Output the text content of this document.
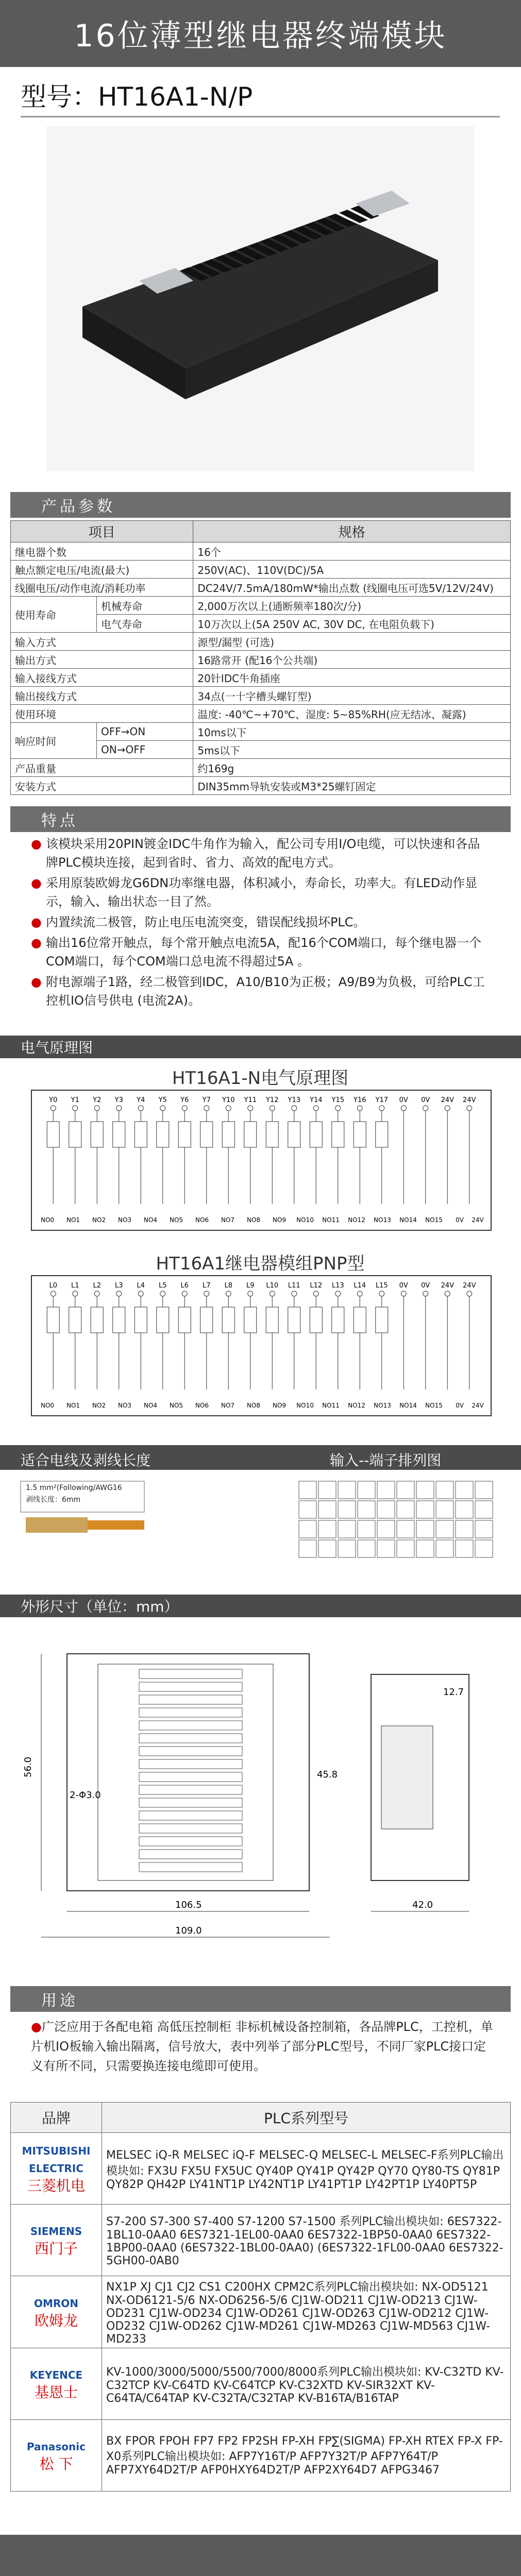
16位薄型继电器终端模块
型号：HT16A1-N/P
产品参数
项目		规格
继电器个数		16个
触点额定电压/电流(最大)		250V(AC)、110V(DC)/5A
线圈电压/动作电流/消耗功率		DC24V/7.5mA/180mW*输出点数 (线圈电压可选5V/12V/24V)
使用寿命	机械寿命	2,000万次以上(通断频率180次/分)
	电气寿命	10万次以上(5A 250V AC, 30V DC, 在电阻负载下)
输入方式		源型/漏型 (可选)
输出方式		16路常开 (配16个公共端)
输入接线方式		20针IDC牛角插座
输出接线方式		34点(一十字槽头螺钉型)
使用环境		温度: -40℃~+70℃、湿度: 5~85%RH(应无结冰、凝露)
响应时间	OFF→ON	10ms以下
	ON→OFF	5ms以下
产品重量		约169g
安装方式		DIN35mm导轨安装或M3*25螺钉固定
特点
● 该模块采用20PIN镀金IDC牛角作为输入，配公司专用I/O电缆，可以快速和各品牌PLC模块连接，起到省时、省力、高效的配电方式。
● 采用原装欧姆龙G6DN功率继电器，体积减小，寿命长，功率大。有LED动作显示，输入、输出状态一目了然。
● 内置续流二极管，防止电压电流突变，错误配线损坏PLC。
● 输出16位常开触点，每个常开触点电流5A，配16个COM端口，每个继电器一个COM端口，每个COM端口总电流不得超过5A 。
● 附电源端子1路，经二极管到IDC，A10/B10为正极；A9/B9为负极，可给PLC工控机IO信号供电 (电流2A)。
电气原理图
HT16A1-N电气原理图
Y0 Y1 Y2 Y3 Y4 Y5 Y6 Y7 Y10 Y11 Y12 Y13 Y14 Y15 Y16 Y17 0V 0V 24V 24V
NO0 NO1 NO2 NO3 NO4 NO5 NO6 NO7 NO8 NO9 NO10 NO11 NO12 NO13 NO14 NO15 0V 24V
HT16A1继电器模组PNP型
L0 L1 L2 L3 L4 L5 L6 L7 L8 L9 L10 L11 L12 L13 L14 L15 0V 0V 24V 24V
NO0 NO1 NO2 NO3 NO4 NO5 NO6 NO7 NO8 NO9 NO10 NO11 NO12 NO13 NO14 NO15 0V 24V
适合电线及剥线长度	输入--端子排列图
1.5 mm²(Following/AWG16
剥线长度：6mm
外形尺寸（单位：mm）
106.5
109.0
42.0
56.0
2-Φ3.0
45.8
12.7
用途
●广泛应用于各配电箱 高低压控制柜 非标机械设备控制箱，各品牌PLC，工控机，单片机IO板输入输出隔离，信号放大，表中列举了部分PLC型号，不同厂家PLC接口定义有所不同，只需要换连接电缆即可使用。
品牌	PLC系列型号

MITSUBISHI ELECTRIC
三菱机电	MELSEC iQ-R MELSEC iQ-F MELSEC-Q MELSEC-L MELSEC-F系列PLC输出模块如: FX3U FX5U FX5UC QY40P QY41P QY42P QY70 QY80-TS QY81P QY82P QH42P LY41NT1P LY42NT1P LY41PT1P LY42PT1P LY40PT5P

SIEMENS
西门子	S7-200 S7-300 S7-400 S7-1200 S7-1500 系列PLC输出模块如: 6ES7322-1BL10-0AA0 6ES7321-1EL00-0AA0 6ES7322-1BP50-0AA0 6ES7322-1BP00-0AA0 (6ES7322-1BL00-0AA0) (6ES7322-1FL00-0AA0 6ES7322-5GH00-0AB0

OMRON
欧姆龙	NX1P XJ CJ1 CJ2 CS1 C200HX CPM2C系列PLC输出模块如: NX-OD5121 NX-OD6121-5/6 NX-OD6256-5/6 CJ1W-OD211 CJ1W-OD213 CJ1W-OD231 CJ1W-OD234 CJ1W-OD261 CJ1W-OD263 CJ1W-OD212 CJ1W-OD232 CJ1W-OD262 CJ1W-MD261 CJ1W-MD263 CJ1W-MD563 CJ1W-MD233

KEYENCE
基恩士	KV-1000/3000/5000/5500/7000/8000系列PLC输出模块如: KV-C32TD KV-C32TCP KV-C64TD KV-C64TCP KV-C32XTD KV-SIR32XT KV-C64TA/C64TAP KV-C32TA/C32TAP KV-B16TA/B16TAP

Panasonic
松 下	BX FPOR FPOH FP7 FP2 FP2SH FP-XH FP∑(SIGMA) FP-XH RTEX FP-X FP-X0系列PLC输出模块如: AFP7Y16T/P AFP7Y32T/P AFP7Y64T/P AFP7XY64D2T/P AFP0HXY64D2T/P AFP2XY64D7 AFPG3467
